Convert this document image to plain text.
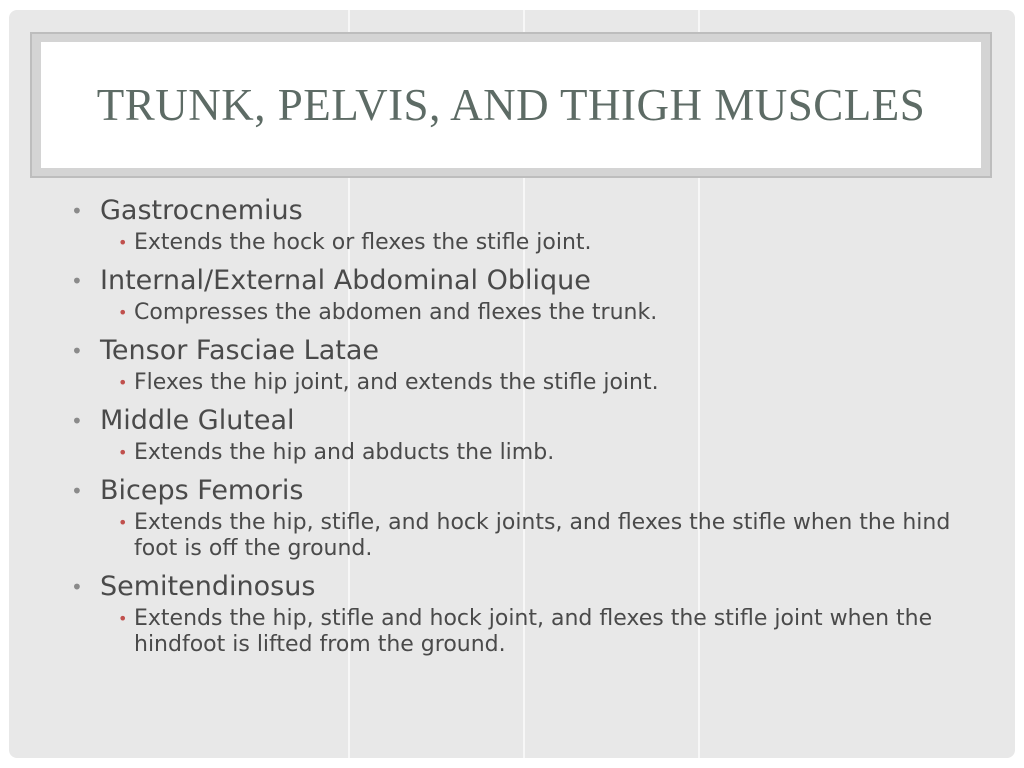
TRUNK, PELVIS, AND THIGH MUSCLES
• Gastrocnemius
• Extends the hock or flexes the stifle joint.
• Internal/External Abdominal Oblique
• Compresses the abdomen and flexes the trunk.
• Tensor Fasciae Latae
• Flexes the hip joint, and extends the stifle joint.
• Middle Gluteal
• Extends the hip and abducts the limb.
• Biceps Femoris
• Extends the hip, stifle, and hock joints, and flexes the stifle when the hind foot is off the ground.
• Semitendinosus
• Extends the hip, stifle and hock joint, and flexes the stifle joint when the hindfoot is lifted from the ground.
